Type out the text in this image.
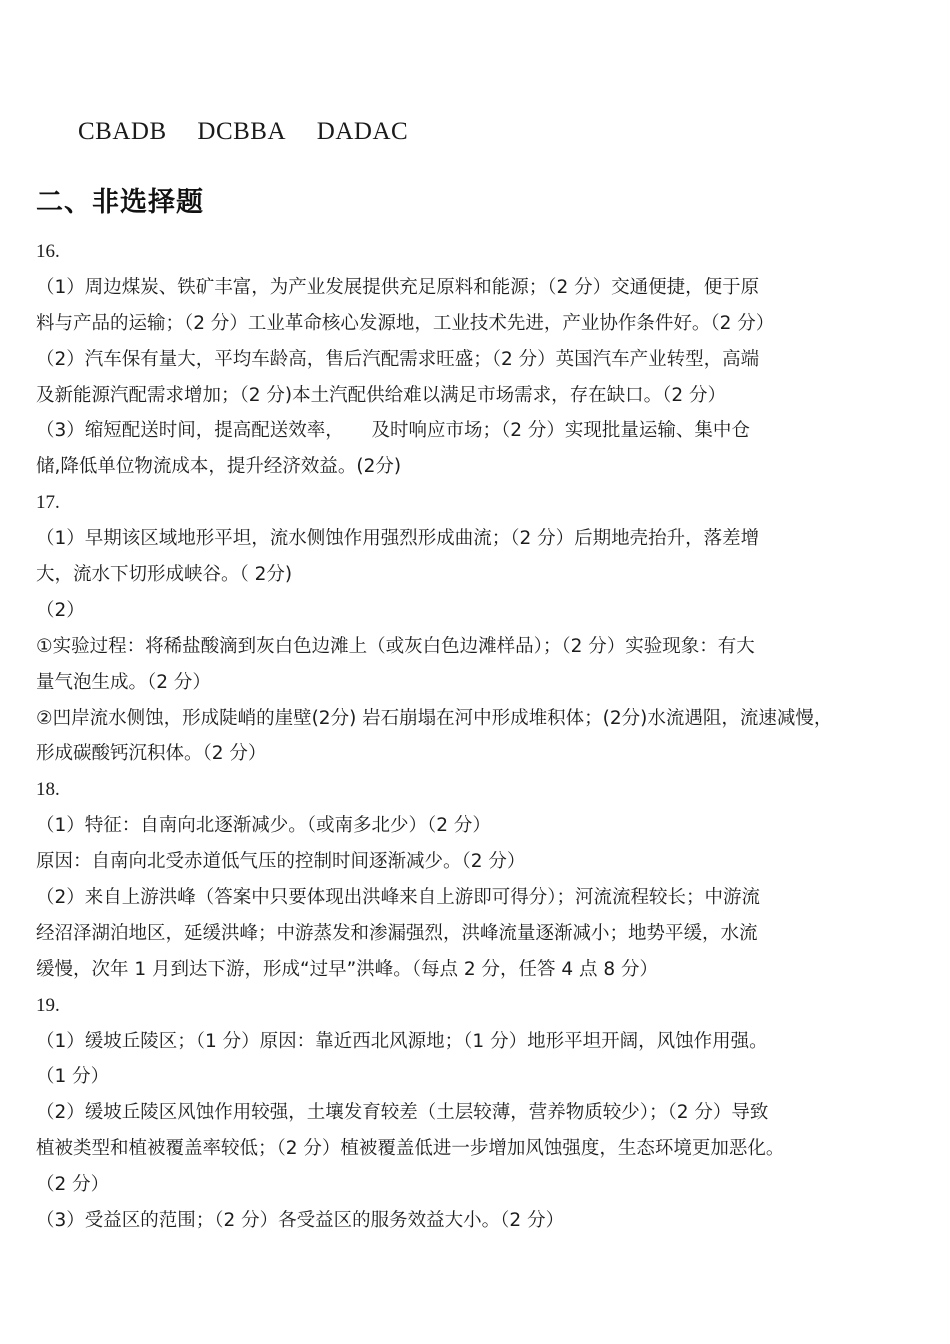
CBADB DCBBA DADAC
二、非选择题
16.
（1）周边煤炭、铁矿丰富，为产业发展提供充足原料和能源；（2 分）交通便捷，便于原
料与产品的运输；（2 分）工业革命核心发源地，工业技术先进，产业协作条件好。（2 分）
（2）汽车保有量大，平均车龄高，售后汽配需求旺盛；（2 分）英国汽车产业转型，高端
及新能源汽配需求增加；（2 分)本土汽配供给难以满足市场需求，存在缺口。（2 分）
（3）缩短配送时间，提高配送效率，　　及时响应市场；（2 分）实现批量运输、集中仓
储,降低单位物流成本，提升经济效益。(2分)
17.
（1）早期该区域地形平坦，流水侧蚀作用强烈形成曲流；（2 分）后期地壳抬升，落差增
大，流水下切形成峡谷。（ 2分)
（2）
①实验过程：将稀盐酸滴到灰白色边滩上（或灰白色边滩样品）；（2 分）实验现象：有大
量气泡生成。（2 分）
②凹岸流水侧蚀，形成陡峭的崖壁(2分) 岩石崩塌在河中形成堆积体；(2分)水流遇阻，流速减慢，
形成碳酸钙沉积体。（2 分）
18.
（1）特征：自南向北逐渐减少。（或南多北少）（2 分）
原因：自南向北受赤道低气压的控制时间逐渐减少。（2 分）
（2）来自上游洪峰（答案中只要体现出洪峰来自上游即可得分）；河流流程较长；中游流
经沼泽湖泊地区，延缓洪峰；中游蒸发和渗漏强烈，洪峰流量逐渐减小；地势平缓，水流
缓慢，次年 1 月到达下游，形成“过早”洪峰。（每点 2 分，任答 4 点 8 分）
19.
（1）缓坡丘陵区；（1 分）原因：靠近西北风源地；（1 分）地形平坦开阔，风蚀作用强。
（1 分）
（2）缓坡丘陵区风蚀作用较强，土壤发育较差（土层较薄，营养物质较少）；（2 分）导致
植被类型和植被覆盖率较低；（2 分）植被覆盖低进一步增加风蚀强度，生态环境更加恶化。
（2 分）
（3）受益区的范围；（2 分）各受益区的服务效益大小。（2 分）
